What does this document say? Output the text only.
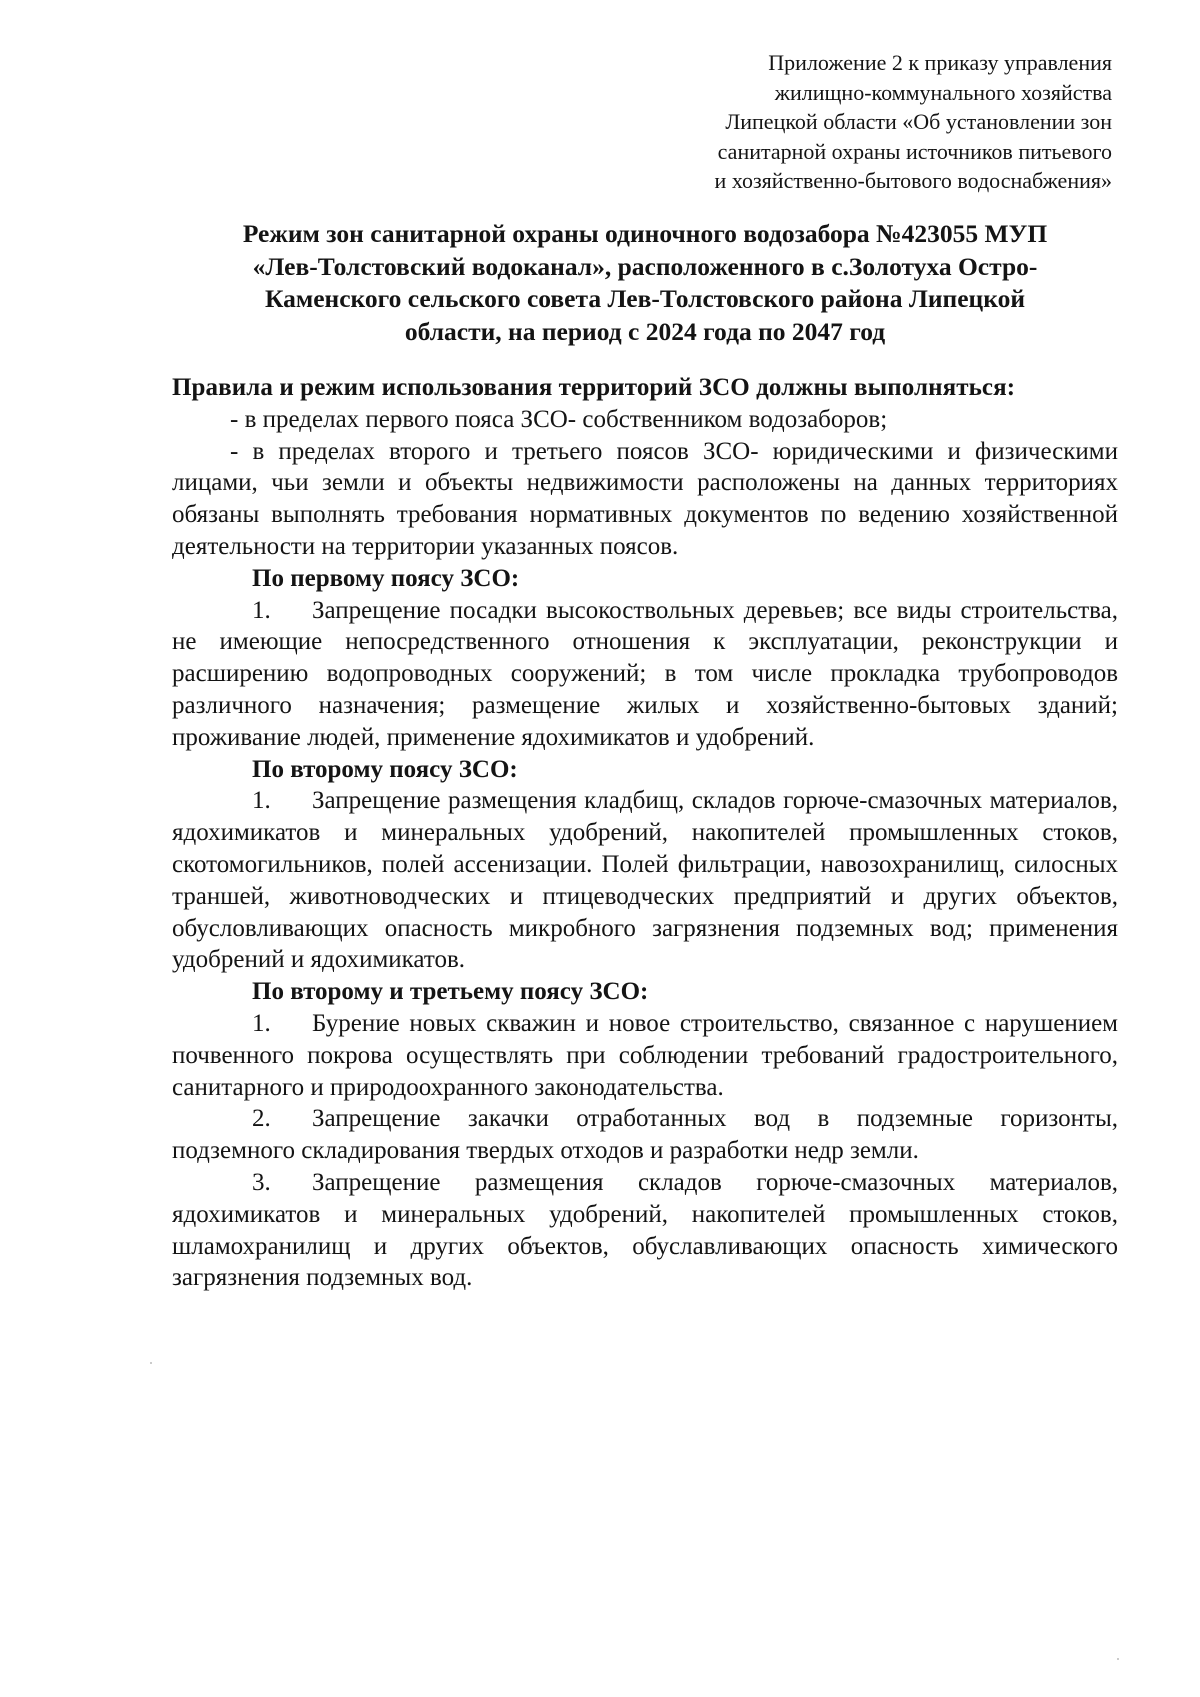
Приложение 2 к приказу управления
жилищно-коммунального хозяйства
Липецкой области «Об установлении зон
санитарной охраны источников питьевого
и хозяйственно-бытового водоснабжения»
Режим зон санитарной охраны одиночного водозабора №423055 МУП
«Лев-Толстовский водоканал», расположенного в с.Золотуха Остро-
Каменского сельского совета Лев-Толстовского района Липецкой
области, на период с 2024 года по 2047 год

Правила и режим использования территорий ЗСО должны выполняться:

- в пределах первого пояса ЗСО- собственником водозаборов;

- в пределах второго и третьего поясов ЗСО- юридическими и физическими лицами, чьи земли и объекты недвижимости расположены на данных территориях обязаны выполнять требования нормативных документов по ведению хозяйственной деятельности на территории указанных поясов.

По первому поясу ЗСО:

1. Запрещение посадки высокоствольных деревьев; все виды строительства, не имеющие непосредственного отношения к эксплуатации, реконструкции и расширению водопроводных сооружений; в том числе прокладка трубопроводов различного назначения; размещение жилых и хозяйственно-бытовых зданий; проживание людей, применение ядохимикатов и удобрений.

По второму поясу ЗСО:

1. Запрещение размещения кладбищ, складов горюче-смазочных материалов, ядохимикатов и минеральных удобрений, накопителей промышленных стоков, скотомогильников, полей ассенизации. Полей фильтрации, навозохранилищ, силосных траншей, животноводческих и птицеводческих предприятий и других объектов, обусловливающих опасность микробного загрязнения подземных вод; применения удобрений и ядохимикатов.

По второму и третьему поясу ЗСО:

1. Бурение новых скважин и новое строительство, связанное с нарушением почвенного покрова осуществлять при соблюдении требований градостроительного, санитарного и природоохранного законодательства.

2. Запрещение закачки отработанных вод в подземные горизонты, подземного складирования твердых отходов и разработки недр земли.

3. Запрещение размещения складов горюче-смазочных материалов, ядохимикатов и минеральных удобрений, накопителей промышленных стоков, шламохранилищ и других объектов, обуславливающих опасность химического загрязнения подземных вод.
